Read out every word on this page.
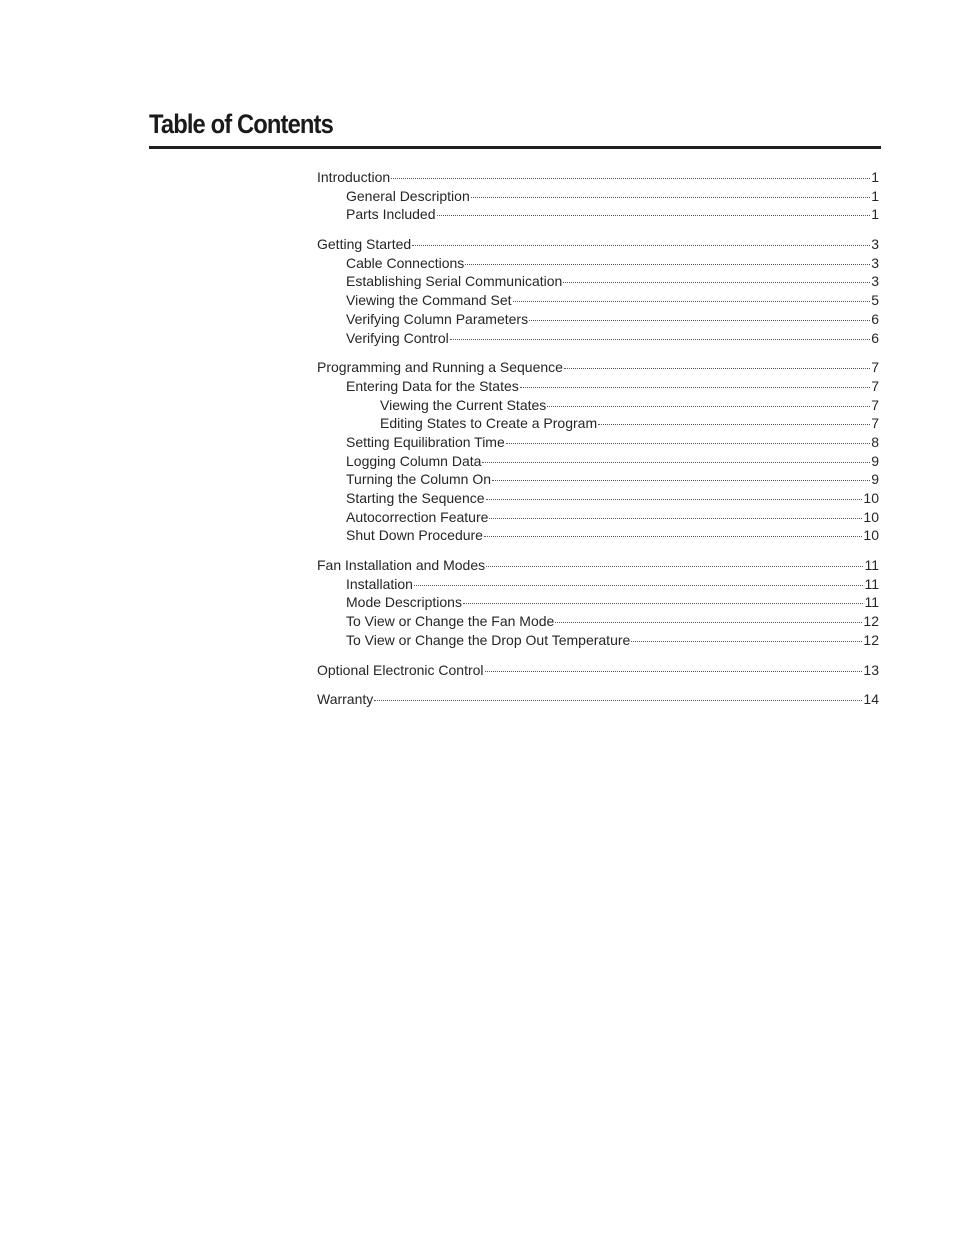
Table of Contents
Introduction	1
General Description	1
Parts Included	1
Getting Started	3
Cable Connections	3
Establishing Serial Communication	3
Viewing the Command Set	5
Verifying Column Parameters	6
Verifying Control	6
Programming and Running a Sequence	7
Entering Data for the States	7
Viewing the Current States	7
Editing States to Create a Program	7
Setting Equilibration Time	8
Logging Column Data	9
Turning the Column On	9
Starting the Sequence	10
Autocorrection Feature	10
Shut Down Procedure	10
Fan Installation and Modes	11
Installation	11
Mode Descriptions	11
To View or Change the Fan Mode	12
To View or Change the Drop Out Temperature	12
Optional Electronic Control	13
Warranty	14
